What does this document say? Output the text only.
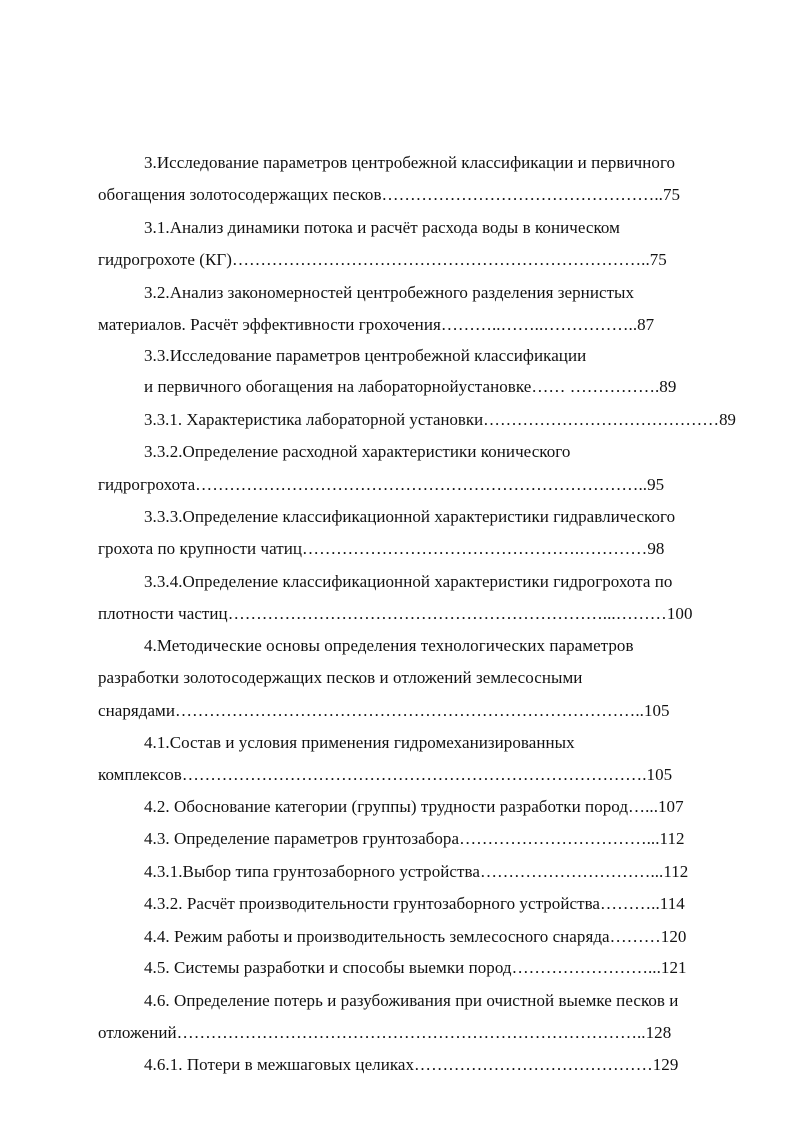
3.Исследование параметров центробежной классификации и первичного
обогащения золотосодержащих песков…………………………………………..75
3.1.Анализ динамики потока и расчёт расхода воды в коническом
гидрогрохоте (КГ)………………………………………………………………..75
3.2.Анализ закономерностей центробежного разделения зернистых
материалов. Расчёт эффективности грохочения………..……..……………..87
3.3.Исследование параметров центробежной классификации
и первичного обогащения на лабораторнойустановке…… …………….89
3.3.1. Характеристика лабораторной установки……………………………………89
3.3.2.Определение расходной характеристики конического
гидрогрохота……………………………………………………………………..95
3.3.3.Определение классификационной характеристики гидравлического
грохота по крупности чатиц………………………………………….…………98
3.3.4.Определение классификационной характеристики гидрогрохота по
плотности частиц…………………………………………………………...………100
4.Методические основы определения технологических параметров
разработки золотосодержащих песков и отложений землесосными
снарядами………………………………………………………………………..105
4.1.Состав и условия применения гидромеханизированных
комплексов……………………………………………………………………….105
4.2. Обоснование категории (группы) трудности разработки пород…...107
4.3. Определение параметров грунтозабора……………………………...112
4.3.1.Выбор типа грунтозаборного устройства…………………………...112
4.3.2. Расчёт производительности грунтозаборного устройства………..114
4.4. Режим работы и производительность землесосного снаряда………120
4.5. Системы разработки и способы выемки пород……………………...121
4.6. Определение потерь и разубоживания при очистной выемке песков и
отложений………………………………………………………………………..128
4.6.1. Потери в межшаговых целиках……………………………………129
